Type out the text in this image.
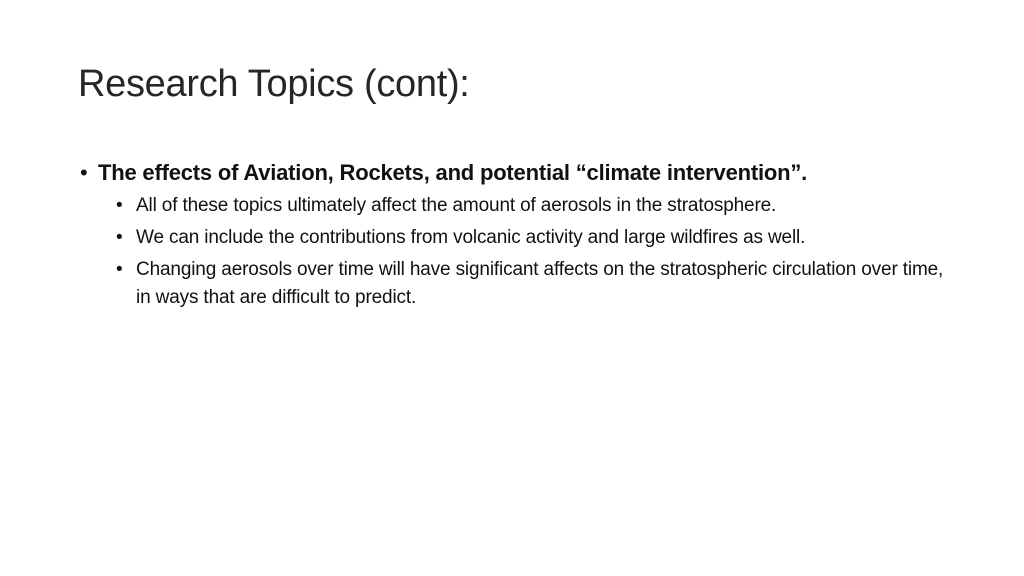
Research Topics (cont):
• The effects of Aviation, Rockets, and potential “climate intervention”.
• All of these topics ultimately affect the amount of aerosols in the stratosphere.
• We can include the contributions from volcanic activity and large wildfires as well.
• Changing aerosols over time will have significant affects on the stratospheric circulation over time, in ways that are difficult to predict.
